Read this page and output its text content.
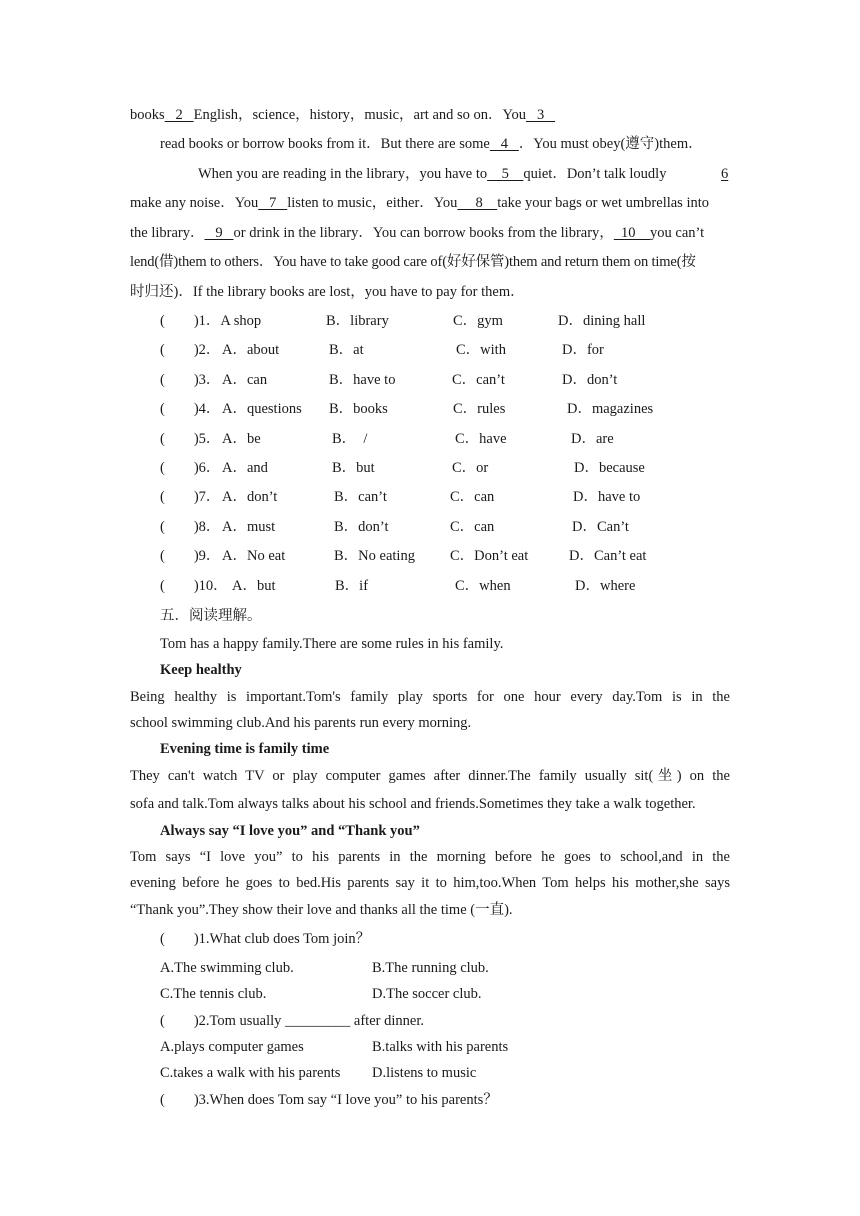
books   2   English，science，history，music，art and so on．You   3
read books or borrow books from it．But there are some   4   ．You must obey(遵守)them．
When you are reading in the library，you have to    5    quiet．Don’t talk loudly	6
make any noise．You   7   listen to music，either．You     8    take your bags or wet umbrellas into
the library．   9   or drink in the library．You can borrow books from the library，  10    you can’t
lend(借)them to others．You have to take good care of(好好保管)them and return them on time(按
时归还)．If the library books are lost，you have to pay for them．
(　　)1．A shop	B．library	C．gym	D．dining hall
(　　)2． A．about	B．at	C．with	D．for
(　　)3． A．can	B．have to	C．can’t	D．don’t
(　　)4． A．questions B．books	C．rules	D．magazines
(　　)5． A．be	B．  /	C．have	D．are
(　　)6． A．and	B．but	C．or	D．because
(　　)7． A．don’t	B．can’t	C．can	D．have to
(　　)8． A．must	B．don’t	C．can	D．Can’t
(　　)9． A．No eat	B．No eating C．Don’t eat	D．Can’t eat
(　　)10． A．but	B．if	C．when	D．where
五．阅读理解。
Tom has a happy family.There are some rules in his family.
Keep healthy
Being healthy is important.Tom's family play sports for one hour every day.Tom is in the
school swimming club.And his parents run every morning.
Evening time is family time
They can't watch TV or play computer games after dinner.The family usually sit(坐) on the
sofa and talk.Tom always talks about his school and friends.Sometimes they take a walk together.
Always say “I love you” and “Thank you”
Tom says “I love you” to his parents in the morning before he goes to school,and in the
evening before he goes to bed.His parents say it to him,too.When Tom helps his mother,she says
“Thank you”.They show their love and thanks all the time (一直).
(　　)1.What club does Tom join？
A.The swimming club.	B.The running club.
C.The tennis club.	D.The soccer club.
(　　)2.Tom usually _________ after dinner.
A.plays computer games	B.talks with his parents
C.takes a walk with his parents D.listens to music
(　　)3.When does Tom say “I love you” to his parents？
